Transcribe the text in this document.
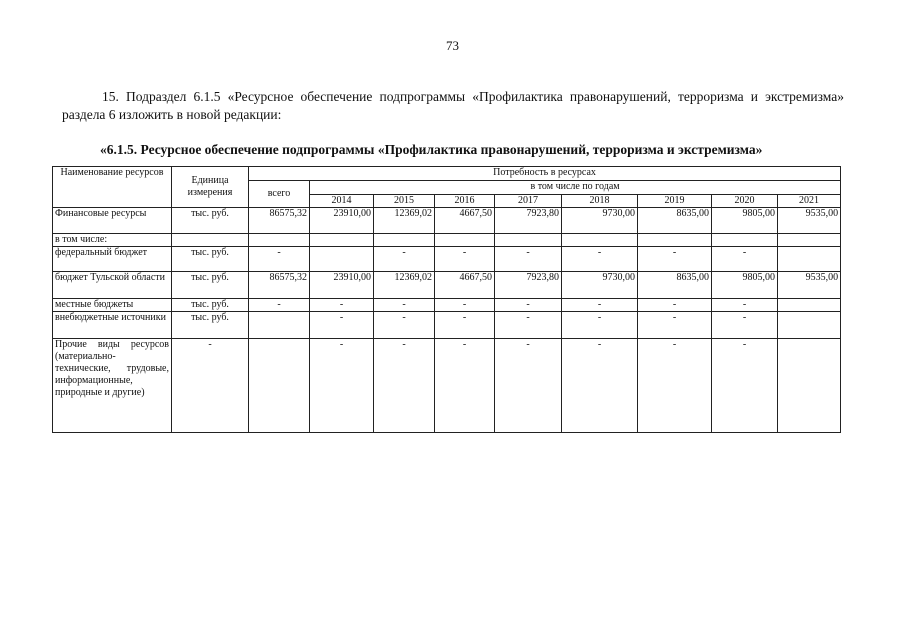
73
15. Подраздел 6.1.5 «Ресурсное обеспечение подпрограммы «Профилактика правонарушений, терроризма и экстремизма» раздела 6 изложить в новой редакции:
«6.1.5. Ресурсное обеспечение подпрограммы «Профилактика правонарушений, терроризма и экстремизма»
Наименование ресурсов	Единица измерения	Потребность в ресурсах								
		всего	в том числе по годам							
			2014	2015	2016	2017	2018	2019	2020	2021
Финансовые ресурсы	тыс. руб.	86575,32	23910,00	12369,02	4667,50	7923,80	9730,00	8635,00	9805,00	9535,00
в том числе:										
федеральный бюджет	тыс. руб.	-		-	-	-	-	-	-	
бюджет Тульской области	тыс. руб.	86575,32	23910,00	12369,02	4667,50	7923,80	9730,00	8635,00	9805,00	9535,00
местные бюджеты	тыс. руб.	-	-	-	-	-	-	-	-	
внебюджетные источники	тыс. руб.		-	-	-	-	-	-	-	
Прочие виды ресурсов (материально-технические, трудовые, информационные, природные и другие)	-		-	-	-	-	-	-	-	
